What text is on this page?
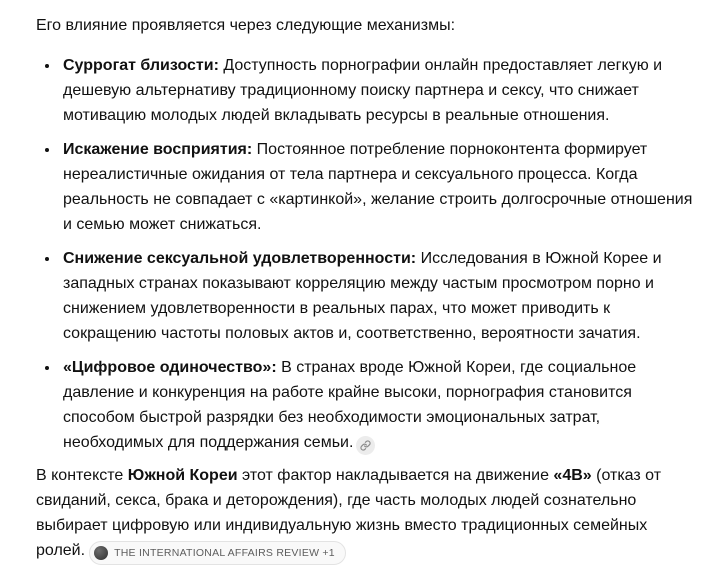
Его влияние проявляется через следующие механизмы:

• Суррогат близости: Доступность порнографии онлайн предоставляет легкую и дешевую альтернативу традиционному поиску партнера и сексу, что снижает мотивацию молодых людей вкладывать ресурсы в реальные отношения.
• Искажение восприятия: Постоянное потребление порноконтента формирует нереалистичные ожидания от тела партнера и сексуального процесса. Когда реальность не совпадает с «картинкой», желание строить долгосрочные отношения и семью может снижаться.
• Снижение сексуальной удовлетворенности: Исследования в Южной Корее и западных странах показывают корреляцию между частым просмотром порно и снижением удовлетворенности в реальных парах, что может приводить к сокращению частоты половых актов и, соответственно, вероятности зачатия.
• «Цифровое одиночество»: В странах вроде Южной Кореи, где социальное давление и конкуренция на работе крайне высоки, порнография становится способом быстрой разрядки без необходимости эмоциональных затрат, необходимых для поддержания семьи.

В контексте Южной Кореи этот фактор накладывается на движение «4B» (отказ от свиданий, секса, брака и деторождения), где часть молодых людей сознательно выбирает цифровую или индивидуальную жизнь вместо традиционных семейных ролей.	THE INTERNATIONAL AFFAIRS REVIEW +1
